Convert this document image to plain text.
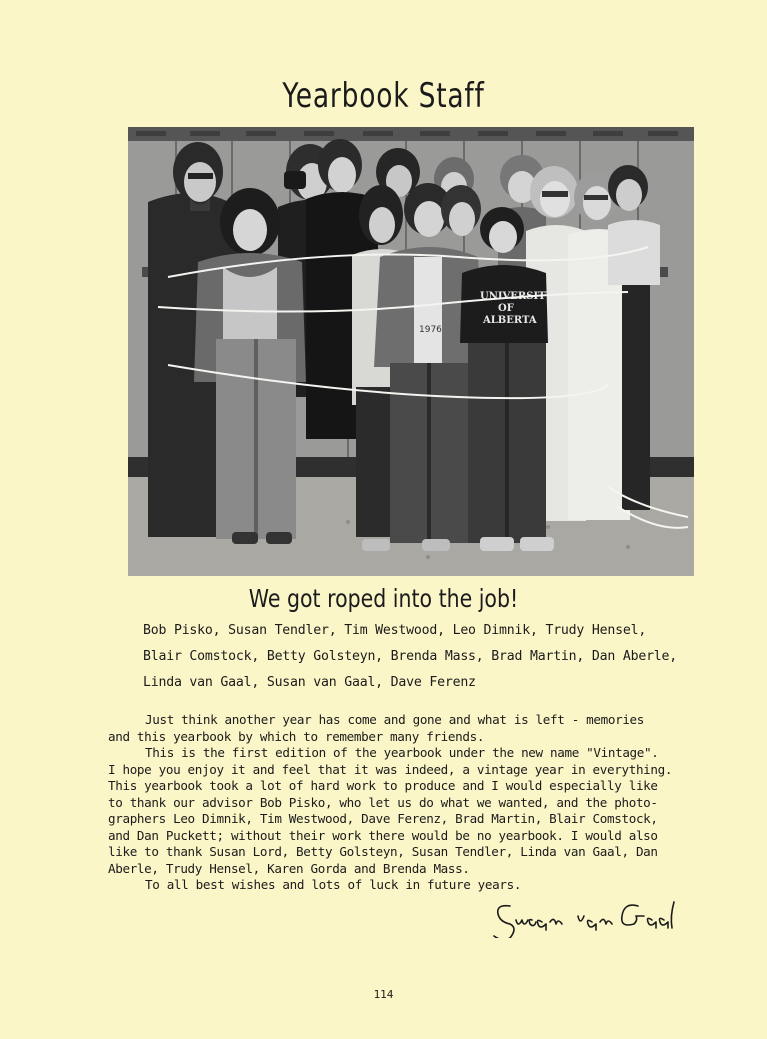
Yearbook Staff
1976
UNIVERSITY
OF
ALBERTA
We got roped into the job!
Bob Pisko, Susan Tendler, Tim Westwood, Leo Dimnik, Trudy Hensel,
Blair Comstock, Betty Golsteyn, Brenda Mass, Brad Martin, Dan Aberle,
Linda van Gaal, Susan van Gaal, Dave Ferenz
Just think another year has come and gone and what is left - memories
and this yearbook by which to remember many friends.
This is the first edition of the yearbook under the new name "Vintage".
I hope you enjoy it and feel that it was indeed, a vintage year in everything.
This yearbook took a lot of hard work to produce and I would especially like
to thank our advisor Bob Pisko, who let us do what we wanted, and the photo-
graphers Leo Dimnik, Tim Westwood, Dave Ferenz, Brad Martin, Blair Comstock,
and Dan Puckett; without their work there would be no yearbook. I would also
like to thank Susan Lord, Betty Golsteyn, Susan Tendler, Linda van Gaal, Dan
Aberle, Trudy Hensel, Karen Gorda and Brenda Mass.
To all best wishes and lots of luck in future years.
114
